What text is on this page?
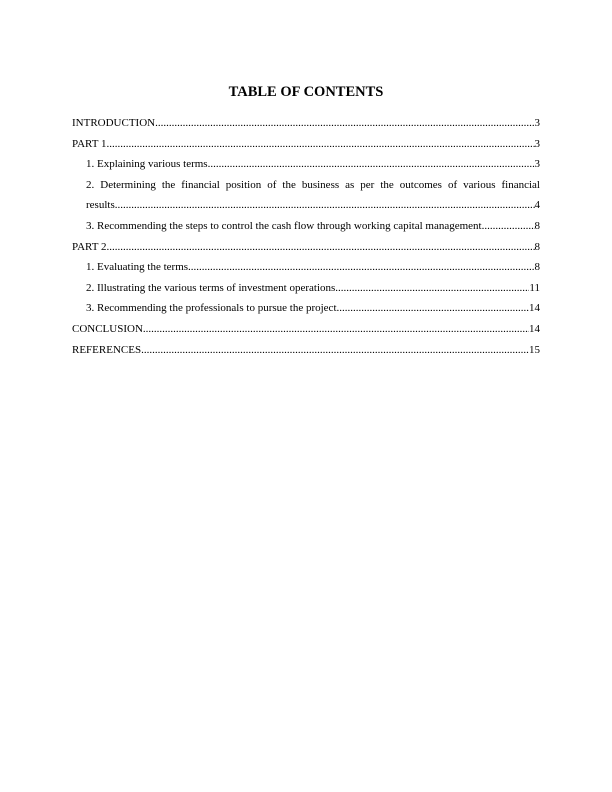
TABLE OF CONTENTS
INTRODUCTION .....	3
PART 1 .....	3
1. Explaining various terms .....	3
2. Determining the financial position of the business as per the outcomes of various financial
results .....	4
3. Recommending the steps to control the cash flow through working capital management .....	8
PART 2 .....	8
1. Evaluating the terms .....	8
2. Illustrating the various terms of investment operations .....	11
3. Recommending the professionals to pursue the project .....	14
CONCLUSION .....	14
REFERENCES .....	15
